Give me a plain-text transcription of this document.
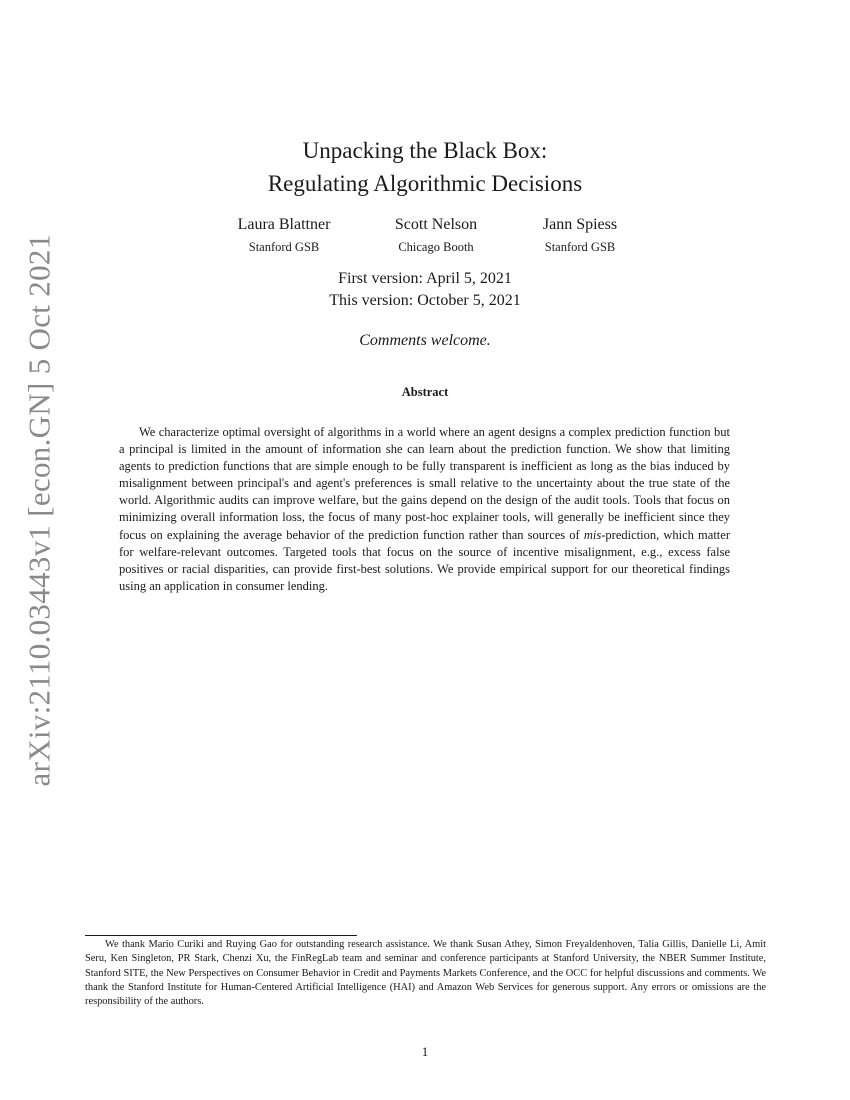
arXiv:2110.03443v1 [econ.GN] 5 Oct 2021
Unpacking the Black Box:
Regulating Algorithmic Decisions
Laura Blattner
Stanford GSB
Scott Nelson
Chicago Booth
Jann Spiess
Stanford GSB
First version: April 5, 2021
This version: October 5, 2021
Comments welcome.
Abstract

We characterize optimal oversight of algorithms in a world where an agent designs a complex prediction function but a principal is limited in the amount of information she can learn about the prediction function. We show that limiting agents to prediction functions that are simple enough to be fully transparent is inefficient as long as the bias induced by misalignment between principal's and agent's preferences is small relative to the uncertainty about the true state of the world. Algorithmic audits can improve welfare, but the gains depend on the design of the audit tools. Tools that focus on minimizing overall information loss, the focus of many post-hoc explainer tools, will generally be inefficient since they focus on explaining the average behavior of the prediction function rather than sources of mis-prediction, which matter for welfare-relevant outcomes. Targeted tools that focus on the source of incentive misalignment, e.g., excess false positives or racial disparities, can provide first-best solutions. We provide empirical support for our theoretical findings using an application in consumer lending.

We thank Mario Curiki and Ruying Gao for outstanding research assistance. We thank Susan Athey, Simon Freyaldenhoven, Talia Gillis, Danielle Li, Amit Seru, Ken Singleton, PR Stark, Chenzi Xu, the FinRegLab team and seminar and conference participants at Stanford University, the NBER Summer Institute, Stanford SITE, the New Perspectives on Consumer Behavior in Credit and Payments Markets Conference, and the OCC for helpful discussions and comments. We thank the Stanford Institute for Human-Centered Artificial Intelligence (HAI) and Amazon Web Services for generous support. Any errors or omissions are the responsibility of the authors.

1
